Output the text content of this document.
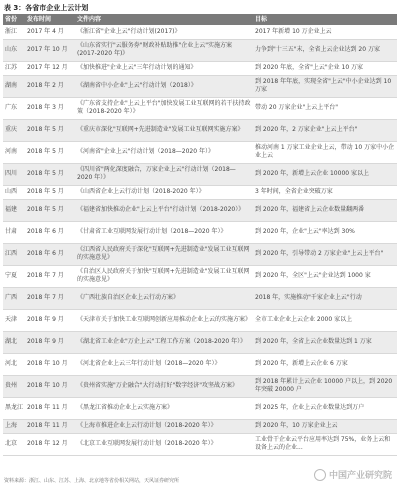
表 3：各省市企业上云计划
省份	发布时间	文件内容	目标
浙江	2017 年 4 月	《浙江省"企业上云"行动计划(2017)》	2017 年新增 10 万企业上云
山东	2017 年 10 月	《山东省实行"云服务券"财政补贴助推"企业上云"实施方案(2017-2020 年)》	力争到"十三五"末，全省上云企业达到 20 万家
江苏	2017 年 12 月	《加快推进"企业上云"三年行动计划的通知》	到 2020 年底，全省"上云"企业 10 万家
湖南	2018 年 2 月	《湖南省中小企业"上云"行动计划（2018）》	到 2018 年年底，实现全省"上云"中小企业达到 10 万家
广东	2018 年 3 月	《广东省支持企业"上云上平台"加快发展工业互联网的若干扶持政策（2018-2020 年）》	带动 20 万家企业"上云上平台"
重庆	2018 年 5 月	《重庆市深化"互联网+先进制造业"发展工业互联网实施方案》	到 2020 年，2 万家企业"上云上平台"
河南	2018 年 5 月	《河南省"企业上云"行动计划（2018—2020 年）》	推动河南 1 万家工业企业上云，带动 10 万家中小企业上云
四川	2018 年 5 月	《四川省"两化深度融合，万家企业上云"行动计划（2018—2020 年）》	到 2020 年，新增上云企业 10000 家以上
山西	2018 年 5 月	《山西省企业上云行动计划（2018-2020 年）》	3 年时间，全省企业突破万家
福建	2018 年 5 月	《福建省加快推动企业"上云上平台"行动计划（2018-2020）》	到 2020 年，福建省上云企业数量翻两番
甘肃	2018 年 6 月	《甘肃省工业互联网发展行动计划（2018—2020 年）》	到 2020 年，企业"上云"率达到 30%
江西	2018 年 6 月	《江西省人民政府关于深化"互联网+先进制造业"发展工业互联网的实施意见》	到 2020 年，引导带动 2 万家企业"上云上平台"
宁夏	2018 年 7 月	《自治区人民政府关于加快"互联网+先进制造业"发展工业互联网的实施意见》	到 2020 年，全区"上云"企业达到 1000 家
广西	2018 年 7 月	《广西壮族自治区企业上云行动方案》	2018 年，实施推动"千家企业上云"行动
天津	2018 年 9 月	《天津市关于加快工业互联网创新应用推动企业上云的实施方案》	全市工业企业上云企业 2000 家以上
湖北	2018 年 9 月	《湖北省工业企业"万企上云"工程工作方案（2018-2020 年）》	到 2020 年，全省上云企业数量达到 1 万家
河北	2018 年 10 月	《河北省企业上云三年行动计划（2018—2020 年）》	到 2020 年，新增上云企业 6 万家
贵州	2018 年 10 月	《贵州省实施"万企融合"大行动打好"数字经济"攻坚战方案》	到 2018 年累计上云企业 10000 户以上，到 2020 年突破 20000 户
黑龙江	2018 年 11 月	《黑龙江省推动企业上云实施方案》	到 2025 年，企业上云企业数量达到万户
上海	2018 年 11 月	《上海市推进企业上云行动计划（2018-2020 年）》	到 2020 年，10 万家企业上云
北京	2018 年 12 月	《北京工业互联网发展行动计划（2018-2020 年）》	工业骨干企业云平台应用率达到 75%，业务上云和设备上云的企业...
资料来源：浙江、山东、江苏、上海、北京地等省份相关网站，天风证券研究所	中国产业研究院
